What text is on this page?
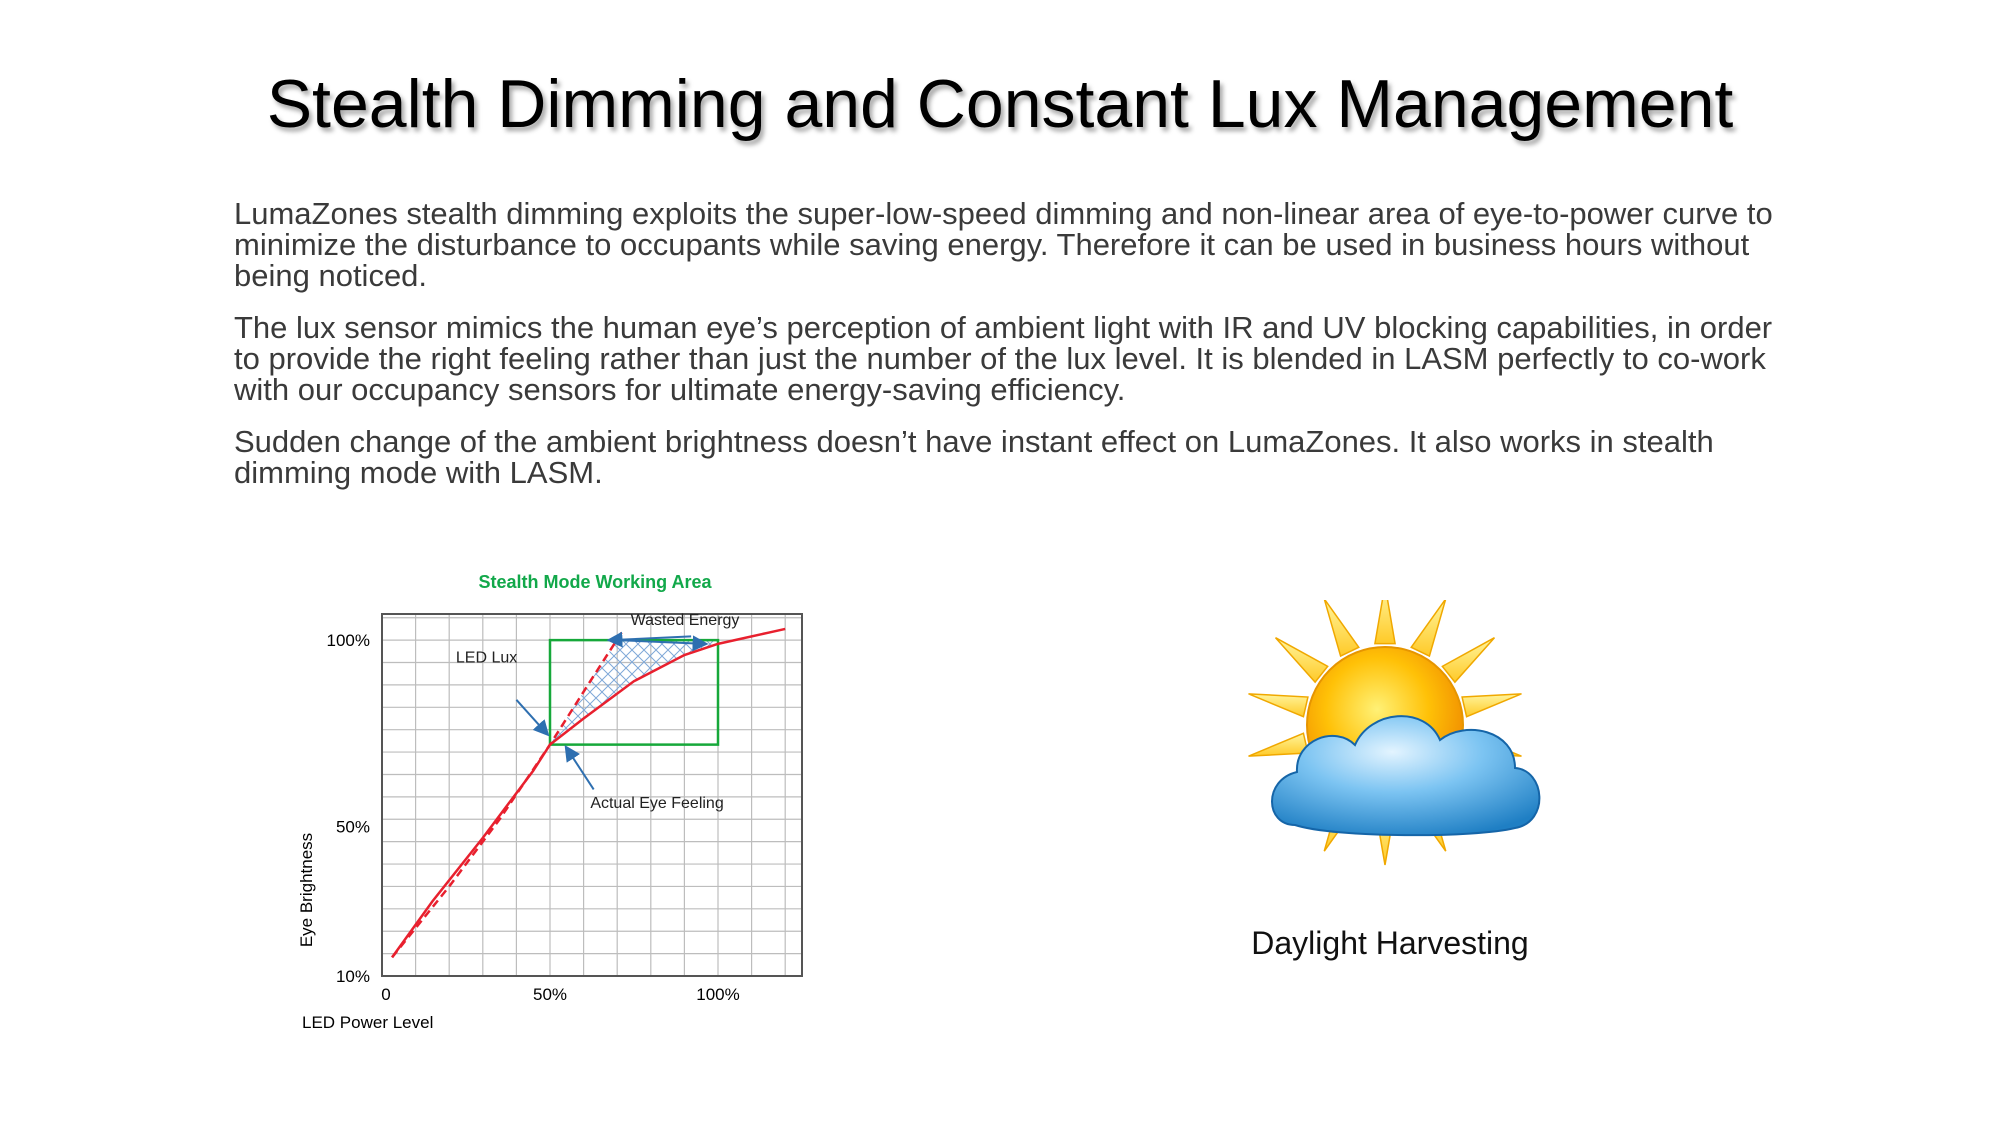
Stealth Dimming and Constant Lux Management

LumaZones stealth dimming exploits the super-low-speed dimming and non-linear area of eye-to-power curve to minimize the disturbance to occupants while saving energy. Therefore it can be used in business hours without being noticed.

The lux sensor mimics the human eye’s perception of ambient light with IR and UV blocking capabilities, in order to provide the right feeling rather than just the number of the lux level. It is blended in LASM perfectly to co-work with our occupancy sensors for ultimate energy-saving efficiency.

Sudden change of the ambient brightness doesn’t have instant effect on LumaZones. It also works in stealth dimming mode with LASM.

Stealth Mode Working Area
10%
50%
100%
0	50%	100%
Wasted Energy
LED Lux
Actual Eye Feeling
LED Power Level
Eye Brightness	Daylight Harvesting
